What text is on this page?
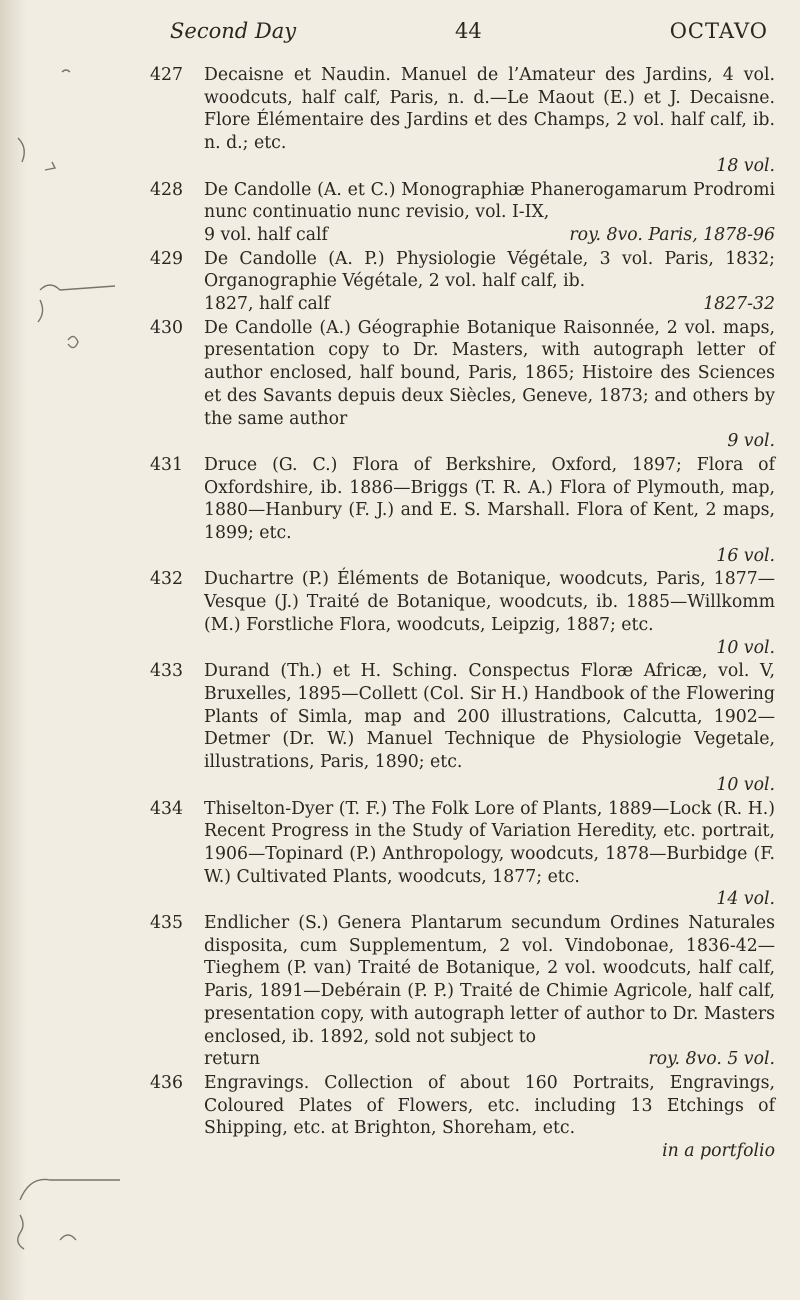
Second Day	44	OCTAVO
427 Decaisne et Naudin. Manuel de l’Amateur des Jardins, 4 vol. woodcuts, half calf, Paris, n. d.—Le Maout (E.) et J. Decaisne. Flore Élémentaire des Jardins et des Champs, 2 vol. half calf, ib. n. d.; etc.
18 vol.
428 De Candolle (A. et C.) Monographiæ Phanerogamarum Prodromi nunc continuatio nunc revisio, vol. I-IX,
9 vol. half calf	roy. 8vo. Paris, 1878-96
429 De Candolle (A. P.) Physiologie Végétale, 3 vol. Paris, 1832; Organographie Végétale, 2 vol. half calf, ib.
1827, half calf	1827-32
430 De Candolle (A.) Géographie Botanique Raisonnée, 2 vol. maps, presentation copy to Dr. Masters, with autograph letter of author enclosed, half bound, Paris, 1865; Histoire des Sciences et des Savants depuis deux Siècles, Geneve, 1873; and others by the same author
9 vol.
431 Druce (G. C.) Flora of Berkshire, Oxford, 1897; Flora of Oxfordshire, ib. 1886—Briggs (T. R. A.) Flora of Plymouth, map, 1880—Hanbury (F. J.) and E. S. Marshall. Flora of Kent, 2 maps, 1899; etc.
16 vol.
432 Duchartre (P.) Éléments de Botanique, woodcuts, Paris, 1877—Vesque (J.) Traité de Botanique, woodcuts, ib. 1885—Willkomm (M.) Forstliche Flora, woodcuts, Leipzig, 1887; etc.
10 vol.
433 Durand (Th.) et H. Sching. Conspectus Floræ Africæ, vol. V, Bruxelles, 1895—Collett (Col. Sir H.) Handbook of the Flowering Plants of Simla, map and 200 illustrations, Calcutta, 1902—Detmer (Dr. W.) Manuel Technique de Physiologie Vegetale, illustrations, Paris, 1890; etc.
10 vol.
434 Thiselton-Dyer (T. F.) The Folk Lore of Plants, 1889—Lock (R. H.) Recent Progress in the Study of Variation Heredity, etc. portrait, 1906—Topinard (P.) Anthropology, woodcuts, 1878—Burbidge (F. W.) Cultivated Plants, woodcuts, 1877; etc.
14 vol.
435 Endlicher (S.) Genera Plantarum secundum Ordines Naturales disposita, cum Supplementum, 2 vol. Vindobonae, 1836-42—Tieghem (P. van) Traité de Botanique, 2 vol. woodcuts, half calf, Paris, 1891—Debérain (P. P.) Traité de Chimie Agricole, half calf, presentation copy, with autograph letter of author to Dr. Masters enclosed, ib. 1892, sold not subject to
return	roy. 8vo. 5 vol.
436 Engravings. Collection of about 160 Portraits, Engravings, Coloured Plates of Flowers, etc. including 13 Etchings of Shipping, etc. at Brighton, Shoreham, etc.
in a portfolio
